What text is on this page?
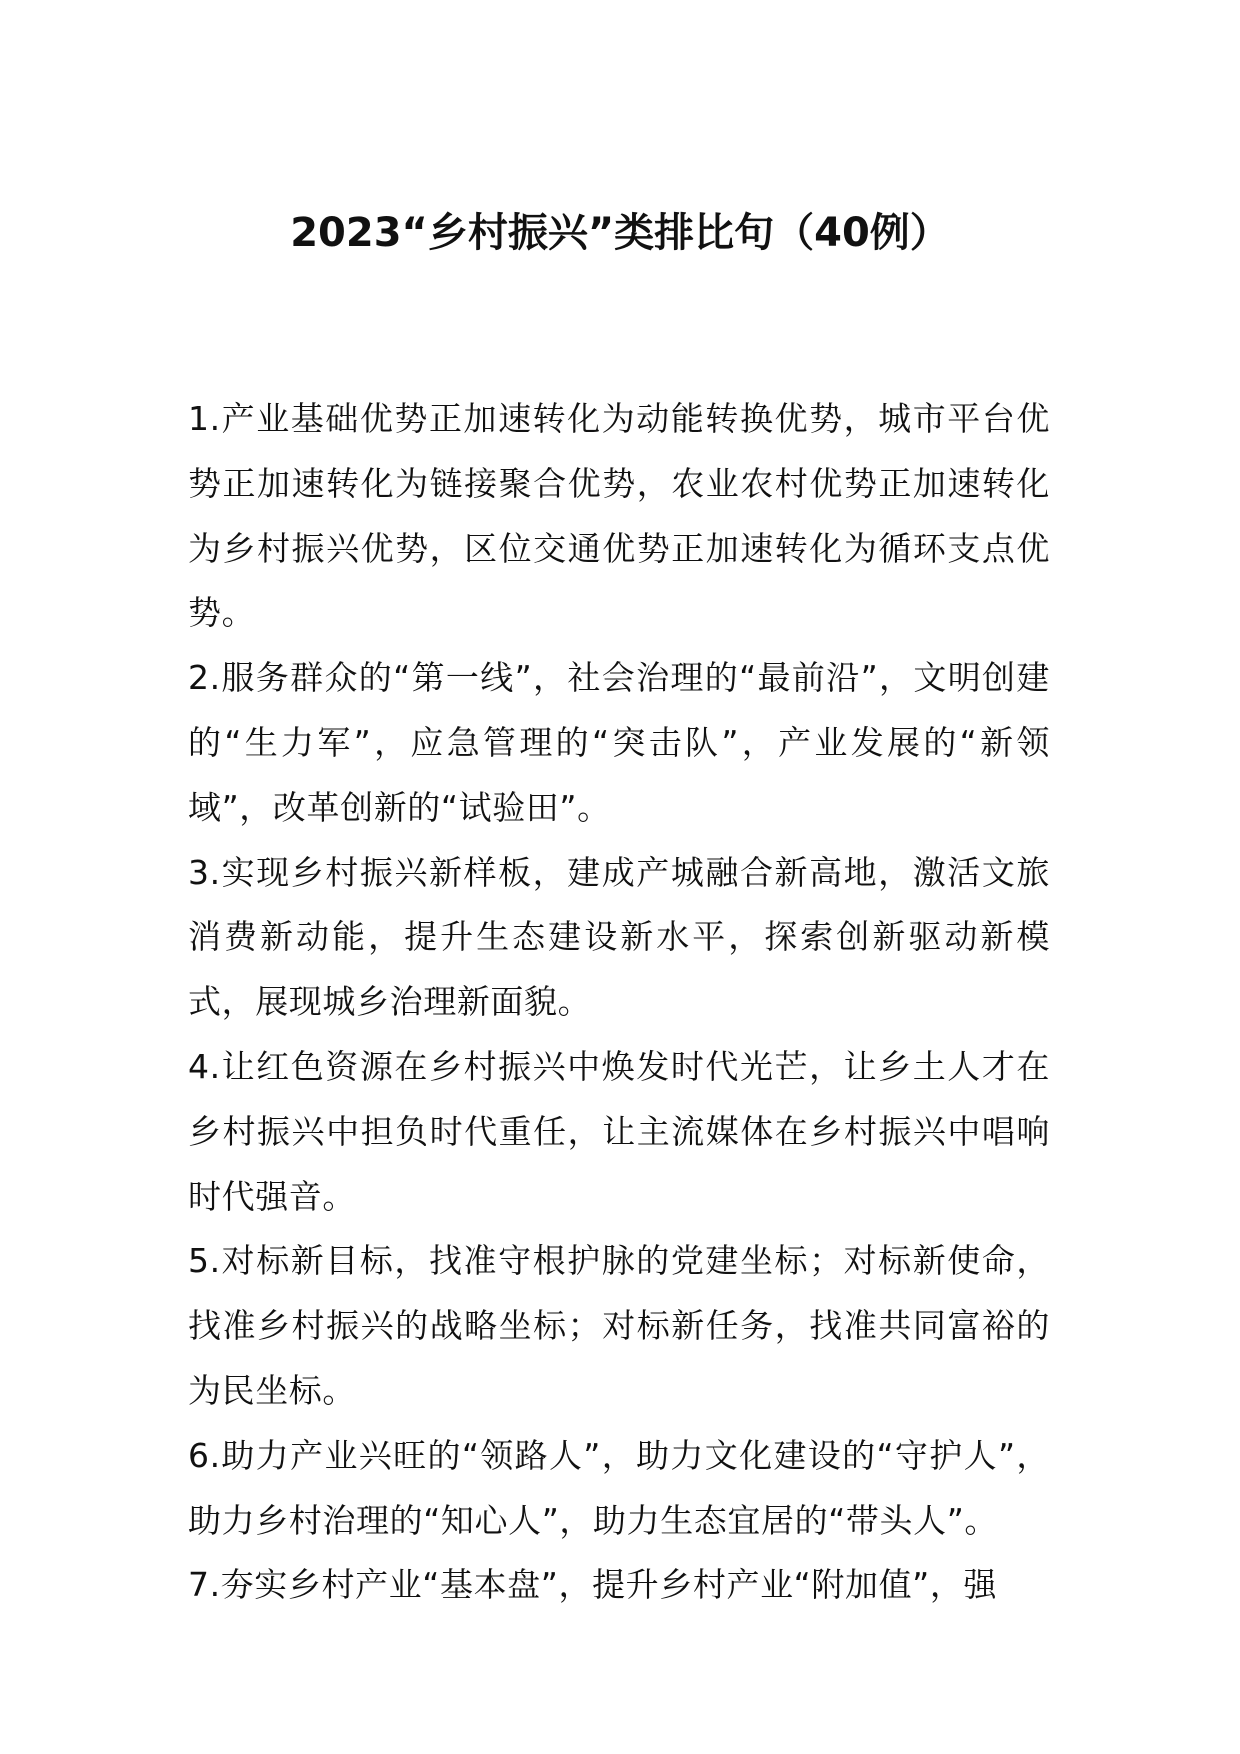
2023“乡村振兴”类排比句（40例）

1.产业基础优势正加速转化为动能转换优势，城市平台优势正加速转化为链接聚合优势，农业农村优势正加速转化为乡村振兴优势，区位交通优势正加速转化为循环支点优势。

2.服务群众的“第一线”，社会治理的“最前沿”，文明创建的“生力军”，应急管理的“突击队”，产业发展的“新领域”，改革创新的“试验田”。

3.实现乡村振兴新样板，建成产城融合新高地，激活文旅消费新动能，提升生态建设新水平，探索创新驱动新模式，展现城乡治理新面貌。

4.让红色资源在乡村振兴中焕发时代光芒，让乡土人才在乡村振兴中担负时代重任，让主流媒体在乡村振兴中唱响时代强音。

5.对标新目标，找准守根护脉的党建坐标；对标新使命，找准乡村振兴的战略坐标；对标新任务，找准共同富裕的为民坐标。

6.助力产业兴旺的“领路人”，助力文化建设的“守护人”，助力乡村治理的“知心人”，助力生态宜居的“带头人”。

7.夯实乡村产业“基本盘”，提升乡村产业“附加值”，强
